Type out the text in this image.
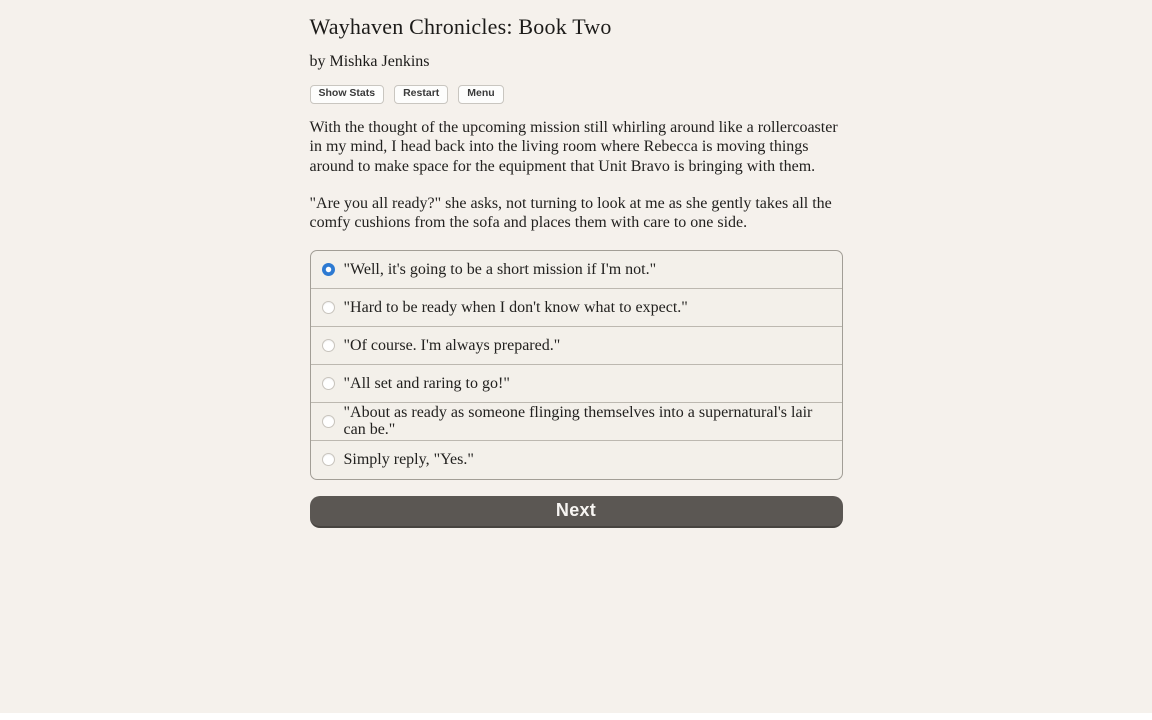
Wayhaven Chronicles: Book Two
by Mishka Jenkins
Show Stats	Restart	Menu

With the thought of the upcoming mission still whirling around like a rollercoaster in my mind, I head back into the living room where Rebecca is moving things around to make space for the equipment that Unit Bravo is bringing with them.

"Are you all ready?" she asks, not turning to look at me as she gently takes all the comfy cushions from the sofa and places them with care to one side.

"Well, it's going to be a short mission if I'm not."
"Hard to be ready when I don't know what to expect."
"Of course. I'm always prepared."
"All set and raring to go!"
"About as ready as someone flinging themselves into a supernatural's lair can be."
Simply reply, "Yes."
Next
